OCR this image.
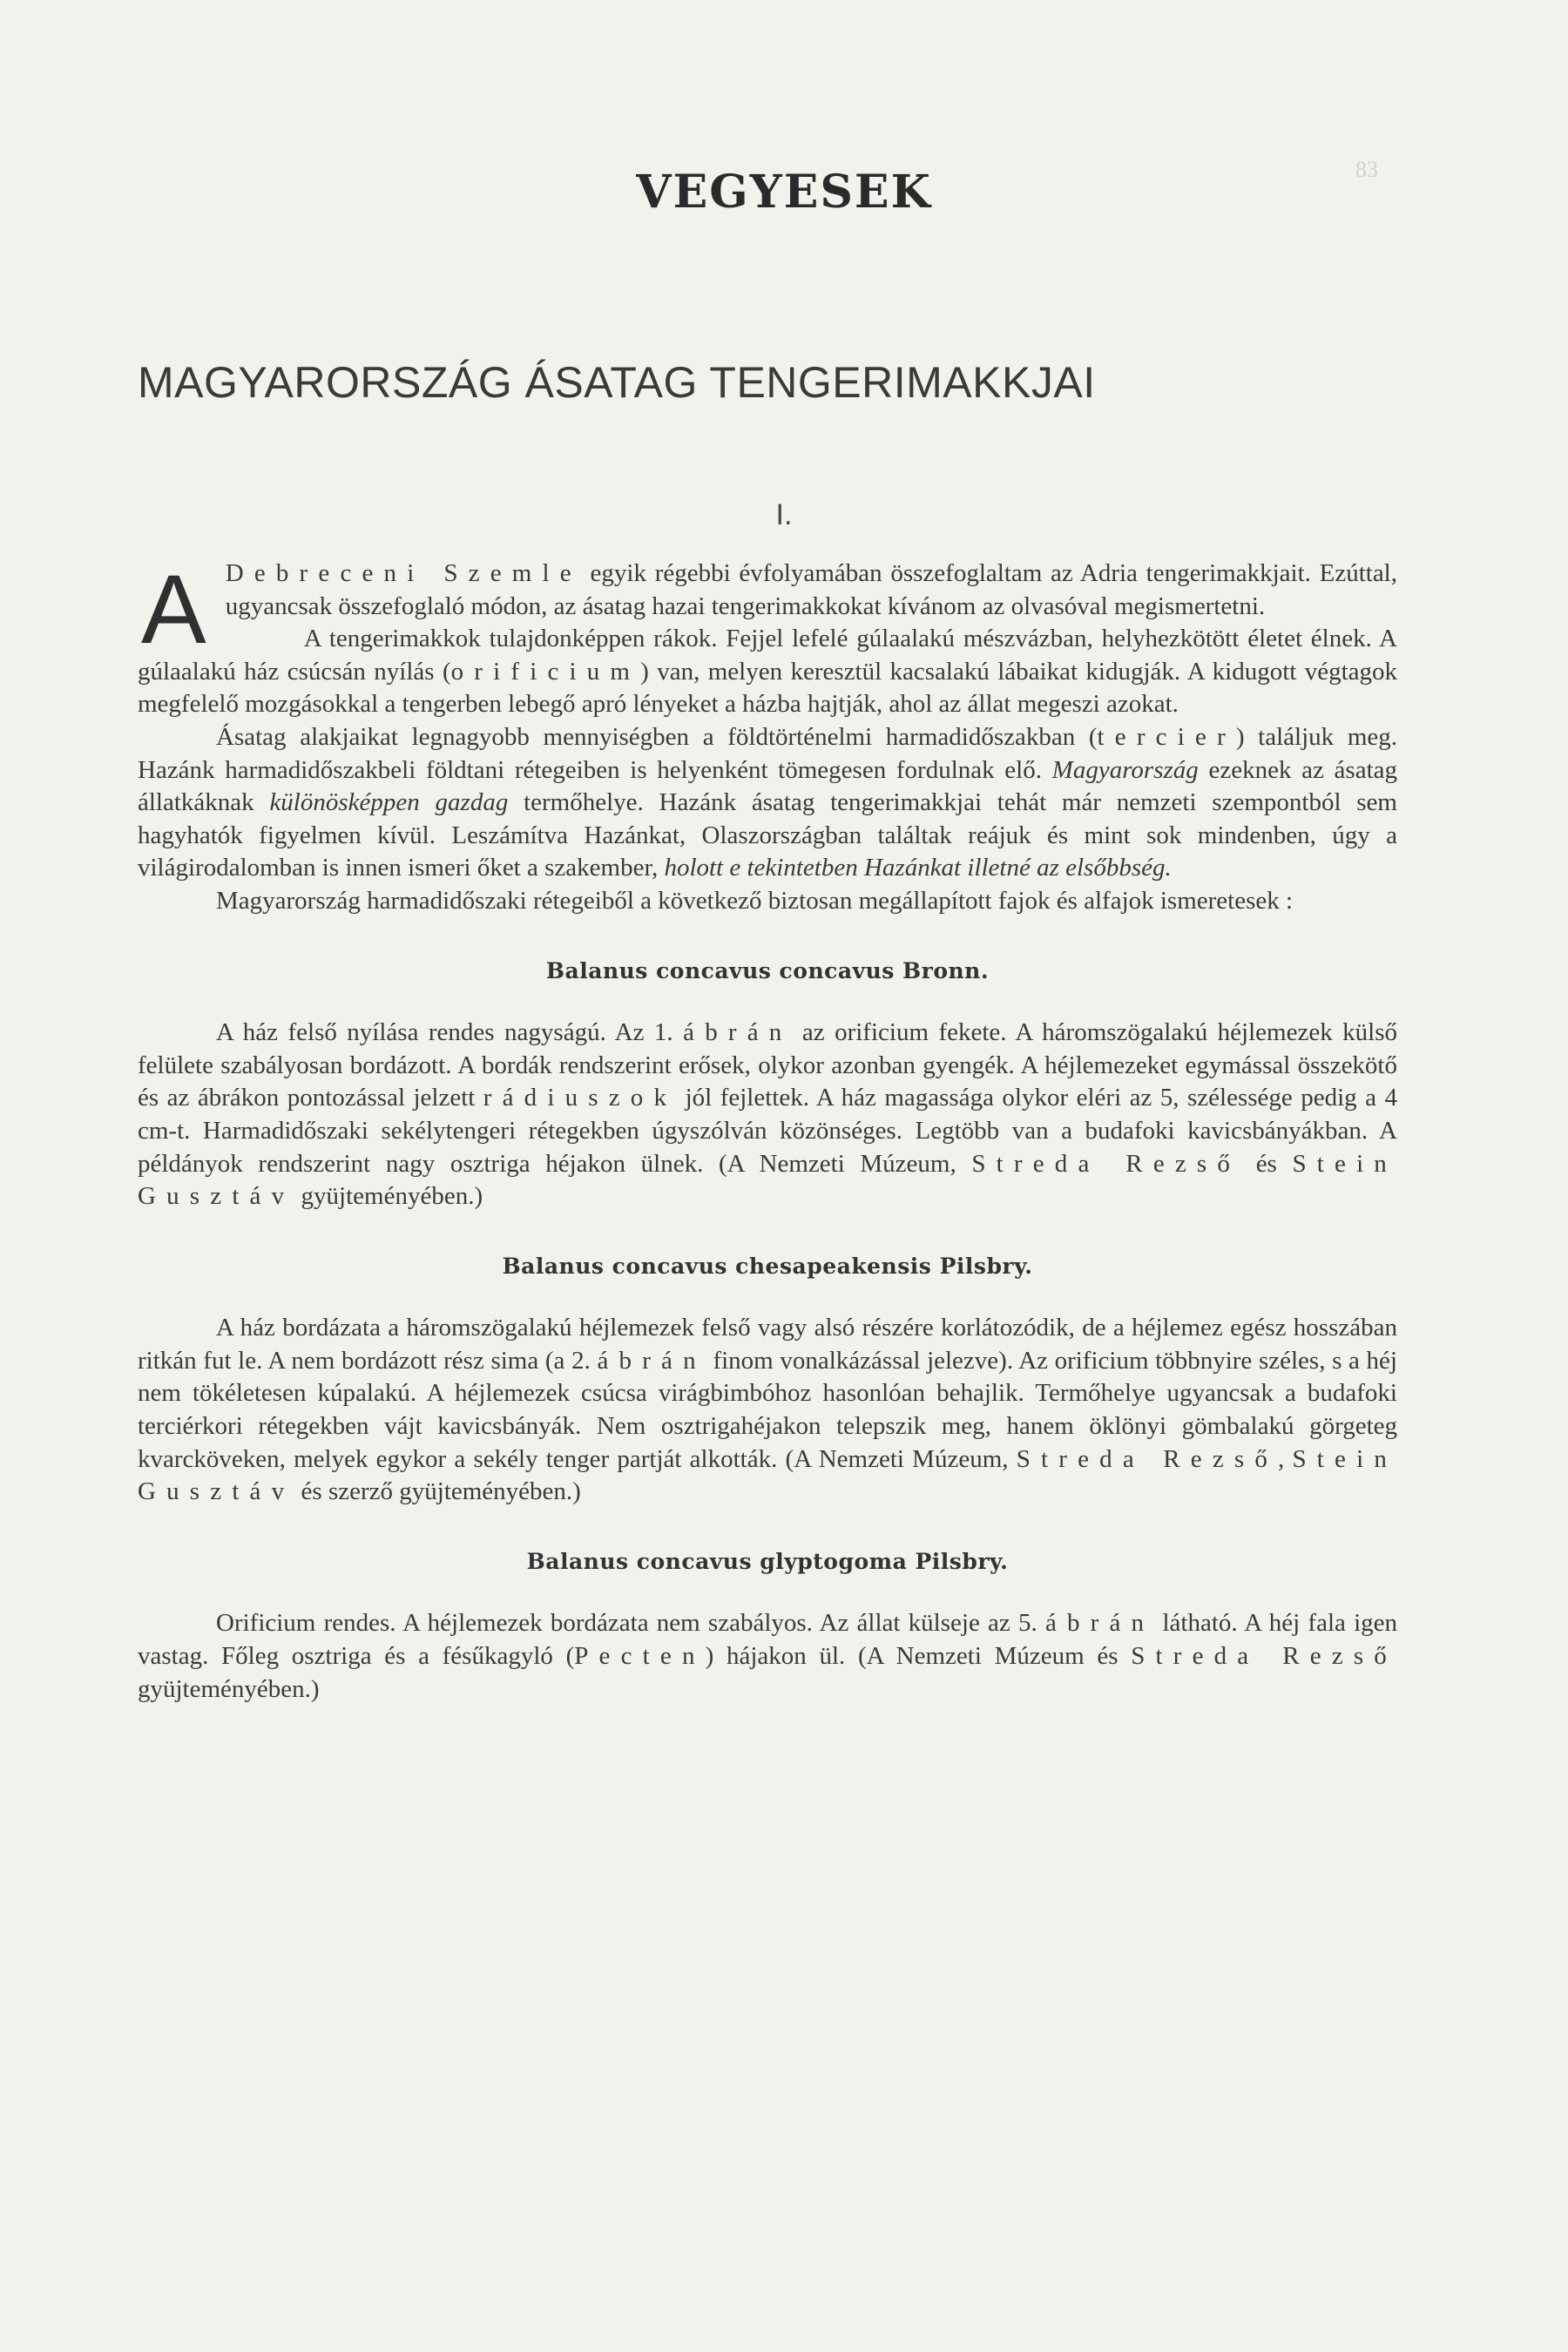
83
VEGYESEK
MAGYARORSZÁG ÁSATAG TENGERIMAKKJAI
I.

A Debreceni Szemle egyik régebbi évfolyamában összefoglaltam az Adria tengerimakkjait. Ezúttal, ugyancsak összefoglaló módon, az ásatag hazai tengerimakkokat kívánom az olvasóval megismertetni.

A tengerimakkok tulajdonképpen rákok. Fejjel lefelé gúlaalakú mészvázban, helyhezkötött életet élnek. A gúlaalakú ház csúcsán nyílás (orificium) van, melyen keresztül kacsalakú lábaikat kidugják. A kidugott végtagok megfelelő mozgásokkal a tengerben lebegő apró lényeket a házba hajtják, ahol az állat megeszi azokat.

Ásatag alakjaikat legnagyobb mennyiségben a földtörténelmi harmadidőszakban (tercier) találjuk meg. Hazánk harmadidőszakbeli földtani rétegeiben is helyenként tömegesen fordulnak elő. Magyarország ezeknek az ásatag állatkáknak különösképpen gazdag termőhelye. Hazánk ásatag tengerimakkjai tehát már nemzeti szempontból sem hagyhatók figyelmen kívül. Leszámítva Hazánkat, Olaszországban találtak reájuk és mint sok mindenben, úgy a világirodalomban is innen ismeri őket a szakember, holott e tekintetben Hazánkat illetné az elsőbbség.

Magyarország harmadidőszaki rétegeiből a következő biztosan megállapított fajok és alfajok ismeretesek :

Balanus concavus concavus Bronn.

A ház felső nyílása rendes nagyságú. Az 1. ábrán az orificium fekete. A háromszögalakú héjlemezek külső felülete szabályosan bordázott. A bordák rendszerint erősek, olykor azonban gyengék. A héjlemezeket egymással összekötő és az ábrákon pontozással jelzett rádiuszok jól fejlettek. A ház magassága olykor eléri az 5, szélessége pedig a 4 cm-t. Harmadidőszaki sekélytengeri rétegekben úgyszólván közönséges. Legtöbb van a budafoki kavicsbányákban. A példányok rendszerint nagy osztriga héjakon ülnek. (A Nemzeti Múzeum, Streda Rezső és Stein Gusztáv gyüjteményében.)

Balanus concavus chesapeakensis Pilsbry.

A ház bordázata a háromszögalakú héjlemezek felső vagy alsó részére korlátozódik, de a héjlemez egész hosszában ritkán fut le. A nem bordázott rész sima (a 2. ábrán finom vonalkázással jelezve). Az orificium többnyire széles, s a héj nem tökéletesen kúpalakú. A héjlemezek csúcsa virágbimbóhoz hasonlóan behajlik. Termőhelye ugyancsak a budafoki terciérkori rétegekben vájt kavicsbányák. Nem osztrigahéjakon telepszik meg, hanem öklönyi gömbalakú görgeteg kvarcköveken, melyek egykor a sekély tenger partját alkották. (A Nemzeti Múzeum, Streda Rezső, Stein Gusztáv és szerző gyüjteményében.)

Balanus concavus glyptogoma Pilsbry.

Orificium rendes. A héjlemezek bordázata nem szabályos. Az állat külseje az 5. ábrán látható. A héj fala igen vastag. Főleg osztriga és a fésűkagyló (Pecten) hájakon ül. (A Nemzeti Múzeum és Streda Rezső gyüjteményében.)
